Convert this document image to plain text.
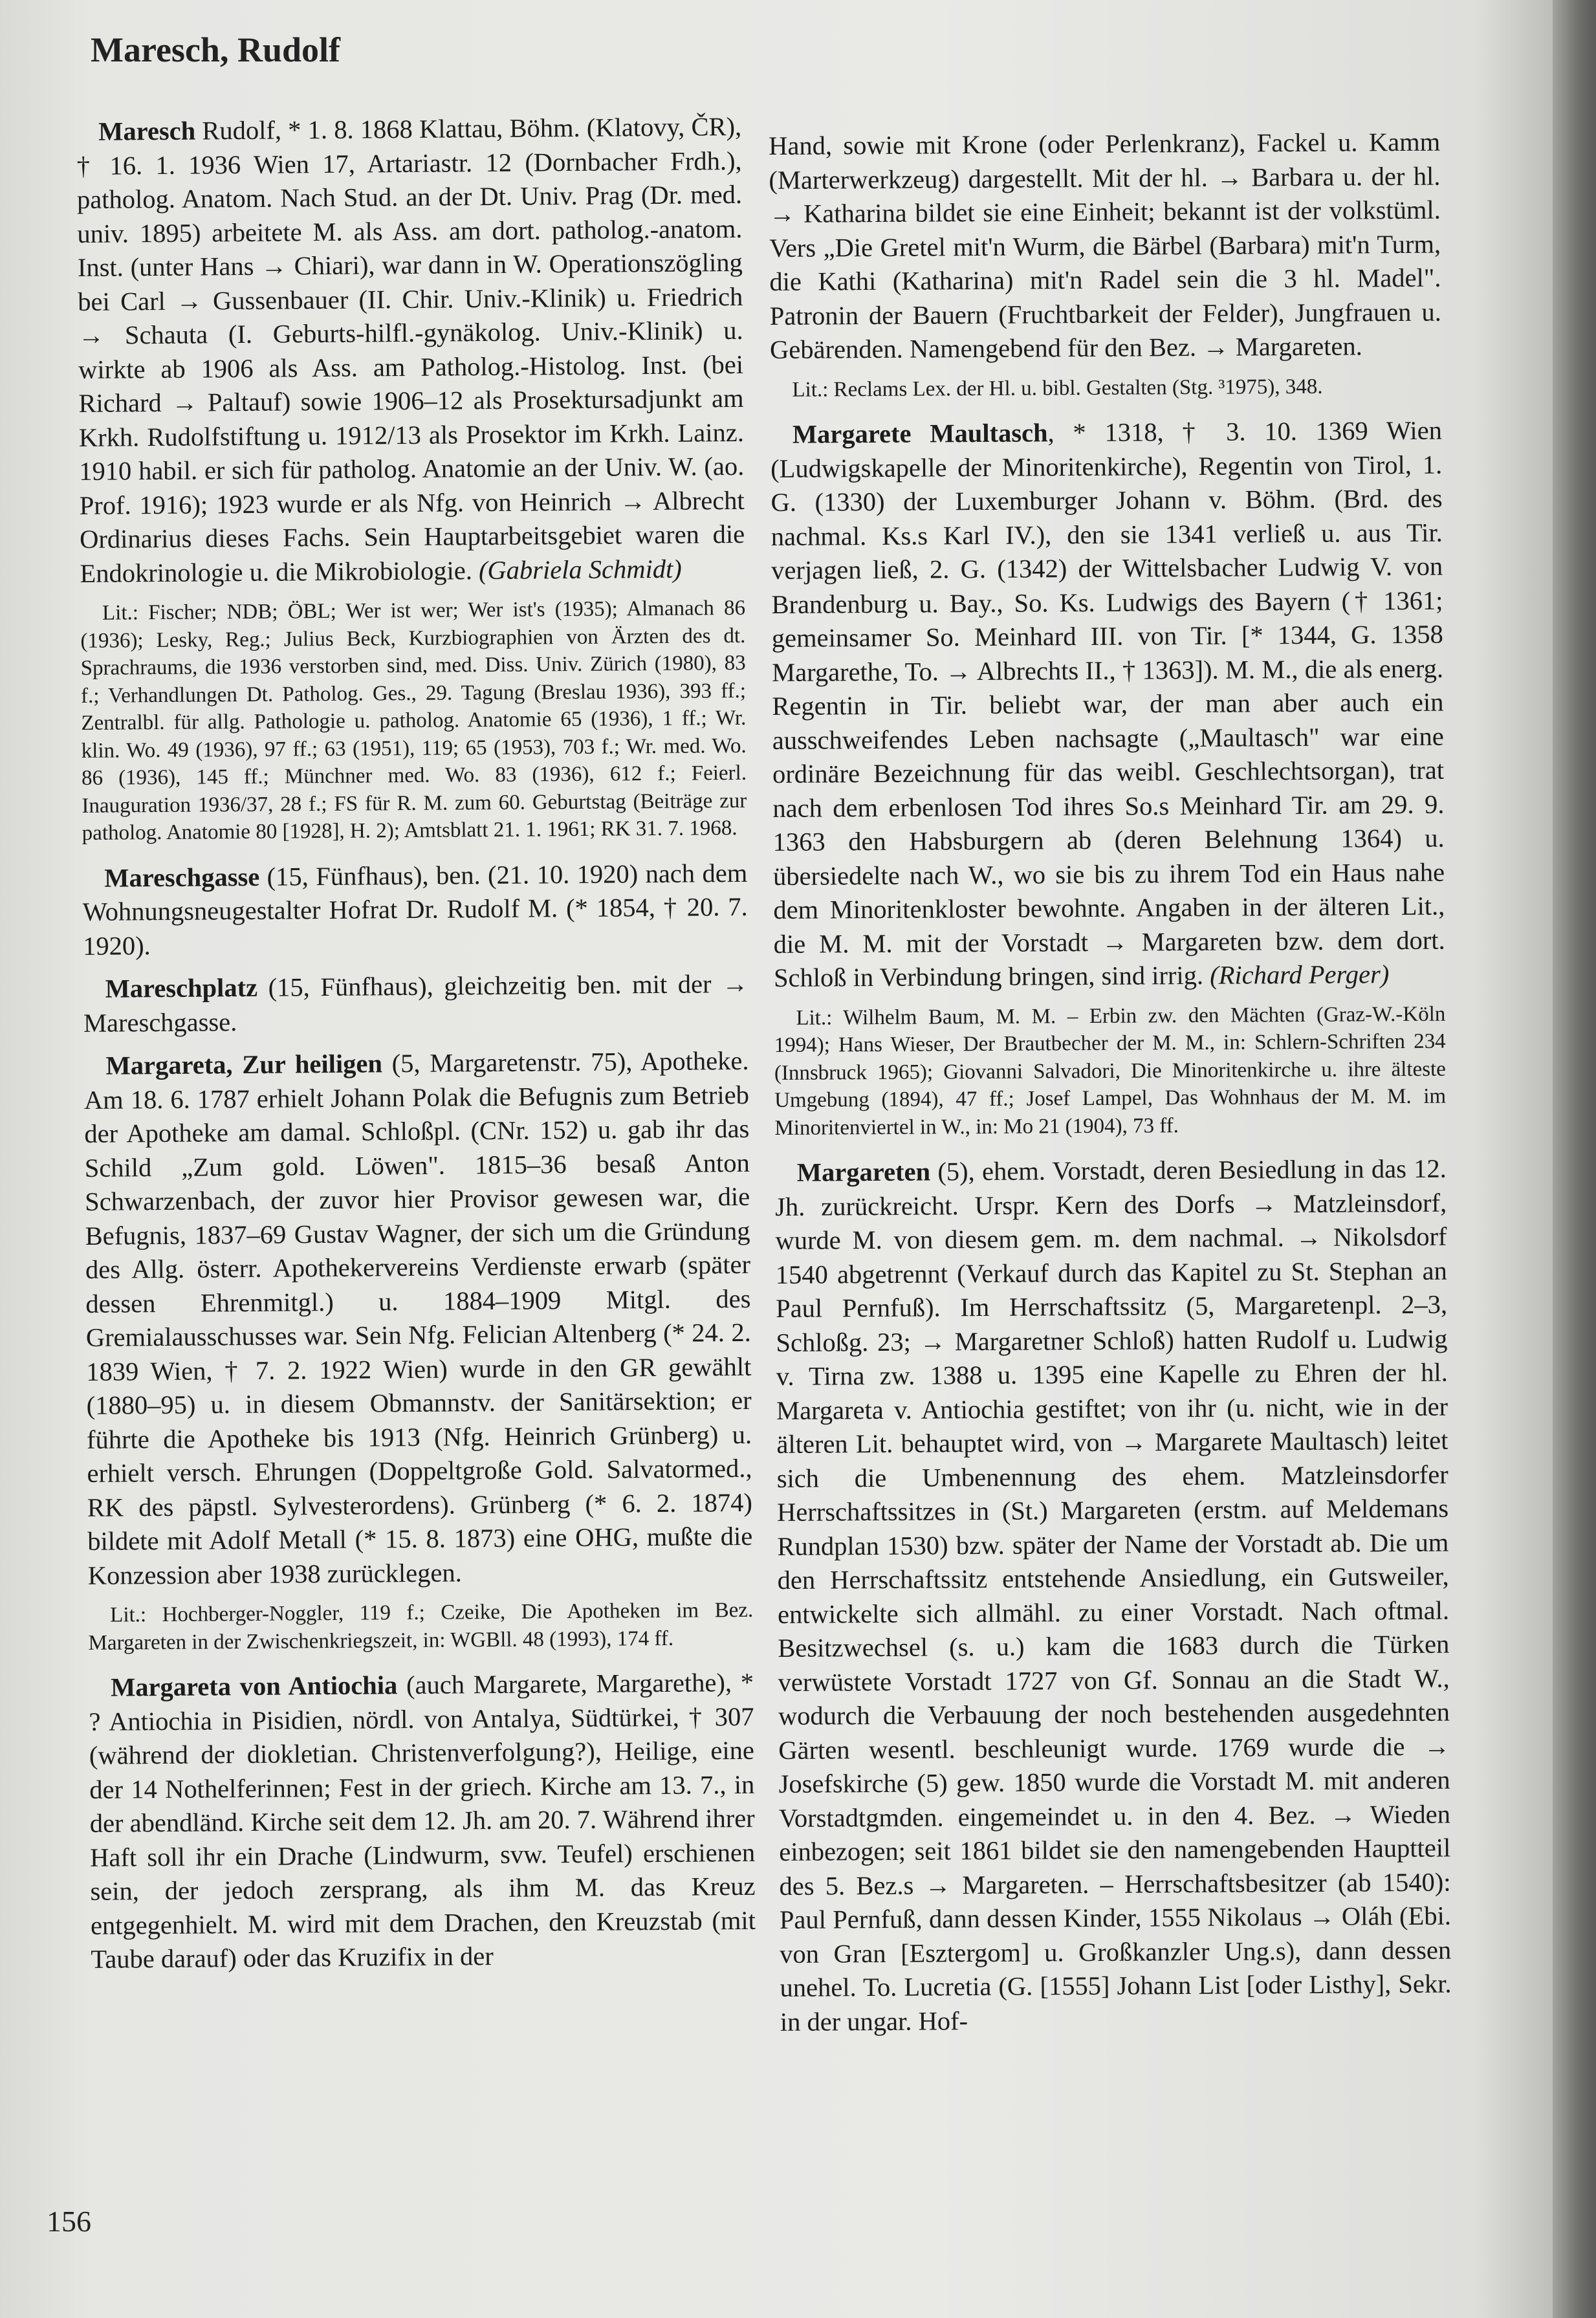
Maresch, Rudolf

Maresch Rudolf, * 1. 8. 1868 Klattau, Böhm. (Klatovy, ČR), † 16. 1. 1936 Wien 17, Artariastr. 12 (Dornbacher Frdh.), patholog. Anatom. Nach Stud. an der Dt. Univ. Prag (Dr. med. univ. 1895) arbeitete M. als Ass. am dort. patholog.-anatom. Inst. (unter Hans → Chiari), war dann in W. Operationszögling bei Carl → Gussenbauer (II. Chir. Univ.-Klinik) u. Friedrich → Schauta (I. Geburts-hilfl.-gynäkolog. Univ.-Klinik) u. wirkte ab 1906 als Ass. am Patholog.-Histolog. Inst. (bei Richard → Paltauf) sowie 1906–12 als Prosektursadjunkt am Krkh. Rudolfstiftung u. 1912/13 als Prosektor im Krkh. Lainz. 1910 habil. er sich für patholog. Anatomie an der Univ. W. (ao. Prof. 1916); 1923 wurde er als Nfg. von Heinrich → Albrecht Ordinarius dieses Fachs. Sein Hauptarbeitsgebiet waren die Endokrinologie u. die Mikrobiologie. (Gabriela Schmidt)

Lit.: Fischer; NDB; ÖBL; Wer ist wer; Wer ist's (1935); Almanach 86 (1936); Lesky, Reg.; Julius Beck, Kurzbiographien von Ärzten des dt. Sprachraums, die 1936 verstorben sind, med. Diss. Univ. Zürich (1980), 83 f.; Verhandlungen Dt. Patholog. Ges., 29. Tagung (Breslau 1936), 393 ff.; Zentralbl. für allg. Pathologie u. patholog. Anatomie 65 (1936), 1 ff.; Wr. klin. Wo. 49 (1936), 97 ff.; 63 (1951), 119; 65 (1953), 703 f.; Wr. med. Wo. 86 (1936), 145 ff.; Münchner med. Wo. 83 (1936), 612 f.; Feierl. Inauguration 1936/37, 28 f.; FS für R. M. zum 60. Geburtstag (Beiträge zur patholog. Anatomie 80 [1928], H. 2); Amtsblatt 21. 1. 1961; RK 31. 7. 1968.

Mareschgasse (15, Fünfhaus), ben. (21. 10. 1920) nach dem Wohnungsneugestalter Hofrat Dr. Rudolf M. (* 1854, † 20. 7. 1920).

Mareschplatz (15, Fünfhaus), gleichzeitig ben. mit der → Mareschgasse.

Margareta, Zur heiligen (5, Margaretenstr. 75), Apotheke. Am 18. 6. 1787 erhielt Johann Polak die Befugnis zum Betrieb der Apotheke am damal. Schloßpl. (CNr. 152) u. gab ihr das Schild „Zum gold. Löwen". 1815–36 besaß Anton Schwarzenbach, der zuvor hier Provisor gewesen war, die Befugnis, 1837–69 Gustav Wagner, der sich um die Gründung des Allg. österr. Apothekervereins Verdienste erwarb (später dessen Ehrenmitgl.) u. 1884–1909 Mitgl. des Gremialausschusses war. Sein Nfg. Felician Altenberg (* 24. 2. 1839 Wien, † 7. 2. 1922 Wien) wurde in den GR gewählt (1880–95) u. in diesem Obmannstv. der Sanitärsektion; er führte die Apotheke bis 1913 (Nfg. Heinrich Grünberg) u. erhielt versch. Ehrungen (Doppeltgroße Gold. Salvatormed., RK des päpstl. Sylvesterordens). Grünberg (* 6. 2. 1874) bildete mit Adolf Metall (* 15. 8. 1873) eine OHG, mußte die Konzession aber 1938 zurücklegen.

Lit.: Hochberger-Noggler, 119 f.; Czeike, Die Apotheken im Bez. Margareten in der Zwischenkriegszeit, in: WGBll. 48 (1993), 174 ff.

Margareta von Antiochia (auch Margarete, Margarethe), * ? Antiochia in Pisidien, nördl. von Antalya, Südtürkei, † 307 (während der diokletian. Christenverfolgung?), Heilige, eine der 14 Nothelferinnen; Fest in der griech. Kirche am 13. 7., in der abendländ. Kirche seit dem 12. Jh. am 20. 7. Während ihrer Haft soll ihr ein Drache (Lindwurm, svw. Teufel) erschienen sein, der jedoch zersprang, als ihm M. das Kreuz entgegenhielt. M. wird mit dem Drachen, den Kreuzstab (mit Taube darauf) oder das Kruzifix in der

Hand, sowie mit Krone (oder Perlenkranz), Fackel u. Kamm (Marterwerkzeug) dargestellt. Mit der hl. → Barbara u. der hl. → Katharina bildet sie eine Einheit; bekannt ist der volkstüml. Vers „Die Gretel mit'n Wurm, die Bärbel (Barbara) mit'n Turm, die Kathi (Katharina) mit'n Radel sein die 3 hl. Madel". Patronin der Bauern (Fruchtbarkeit der Felder), Jungfrauen u. Gebärenden. Namengebend für den Bez. → Margareten.

Lit.: Reclams Lex. der Hl. u. bibl. Gestalten (Stg. ³1975), 348.

Margarete Maultasch, * 1318, † 3. 10. 1369 Wien (Ludwigskapelle der Minoritenkirche), Regentin von Tirol, 1. G. (1330) der Luxemburger Johann v. Böhm. (Brd. des nachmal. Ks.s Karl IV.), den sie 1341 verließ u. aus Tir. verjagen ließ, 2. G. (1342) der Wittelsbacher Ludwig V. von Brandenburg u. Bay., So. Ks. Ludwigs des Bayern († 1361; gemeinsamer So. Meinhard III. von Tir. [* 1344, G. 1358 Margarethe, To. → Albrechts II., † 1363]). M. M., die als energ. Regentin in Tir. beliebt war, der man aber auch ein ausschweifendes Leben nachsagte („Maultasch" war eine ordinäre Bezeichnung für das weibl. Geschlechtsorgan), trat nach dem erbenlosen Tod ihres So.s Meinhard Tir. am 29. 9. 1363 den Habsburgern ab (deren Belehnung 1364) u. übersiedelte nach W., wo sie bis zu ihrem Tod ein Haus nahe dem Minoritenkloster bewohnte. Angaben in der älteren Lit., die M. M. mit der Vorstadt → Margareten bzw. dem dort. Schloß in Verbindung bringen, sind irrig. (Richard Perger)

Lit.: Wilhelm Baum, M. M. – Erbin zw. den Mächten (Graz-W.-Köln 1994); Hans Wieser, Der Brautbecher der M. M., in: Schlern-Schriften 234 (Innsbruck 1965); Giovanni Salvadori, Die Minoritenkirche u. ihre älteste Umgebung (1894), 47 ff.; Josef Lampel, Das Wohnhaus der M. M. im Minoritenviertel in W., in: Mo 21 (1904), 73 ff.

Margareten (5), ehem. Vorstadt, deren Besiedlung in das 12. Jh. zurückreicht. Urspr. Kern des Dorfs → Matzleinsdorf, wurde M. von diesem gem. m. dem nachmal. → Nikolsdorf 1540 abgetrennt (Verkauf durch das Kapitel zu St. Stephan an Paul Pernfuß). Im Herrschaftssitz (5, Margaretenpl. 2–3, Schloßg. 23; → Margaretner Schloß) hatten Rudolf u. Ludwig v. Tirna zw. 1388 u. 1395 eine Kapelle zu Ehren der hl. Margareta v. Antiochia gestiftet; von ihr (u. nicht, wie in der älteren Lit. behauptet wird, von → Margarete Maultasch) leitet sich die Umbenennung des ehem. Matzleinsdorfer Herrschaftssitzes in (St.) Margareten (erstm. auf Meldemans Rundplan 1530) bzw. später der Name der Vorstadt ab. Die um den Herrschaftssitz entstehende Ansiedlung, ein Gutsweiler, entwickelte sich allmähl. zu einer Vorstadt. Nach oftmal. Besitzwechsel (s. u.) kam die 1683 durch die Türken verwüstete Vorstadt 1727 von Gf. Sonnau an die Stadt W., wodurch die Verbauung der noch bestehenden ausgedehnten Gärten wesentl. beschleunigt wurde. 1769 wurde die → Josefskirche (5) gew. 1850 wurde die Vorstadt M. mit anderen Vorstadtgmden. eingemeindet u. in den 4. Bez. → Wieden einbezogen; seit 1861 bildet sie den namengebenden Hauptteil des 5. Bez.s → Margareten. – Herrschaftsbesitzer (ab 1540): Paul Pernfuß, dann dessen Kinder, 1555 Nikolaus → Oláh (Ebi. von Gran [Esztergom] u. Großkanzler Ung.s), dann dessen unehel. To. Lucretia (G. [1555] Johann List [oder Listhy], Sekr. in der ungar. Hof-

156
